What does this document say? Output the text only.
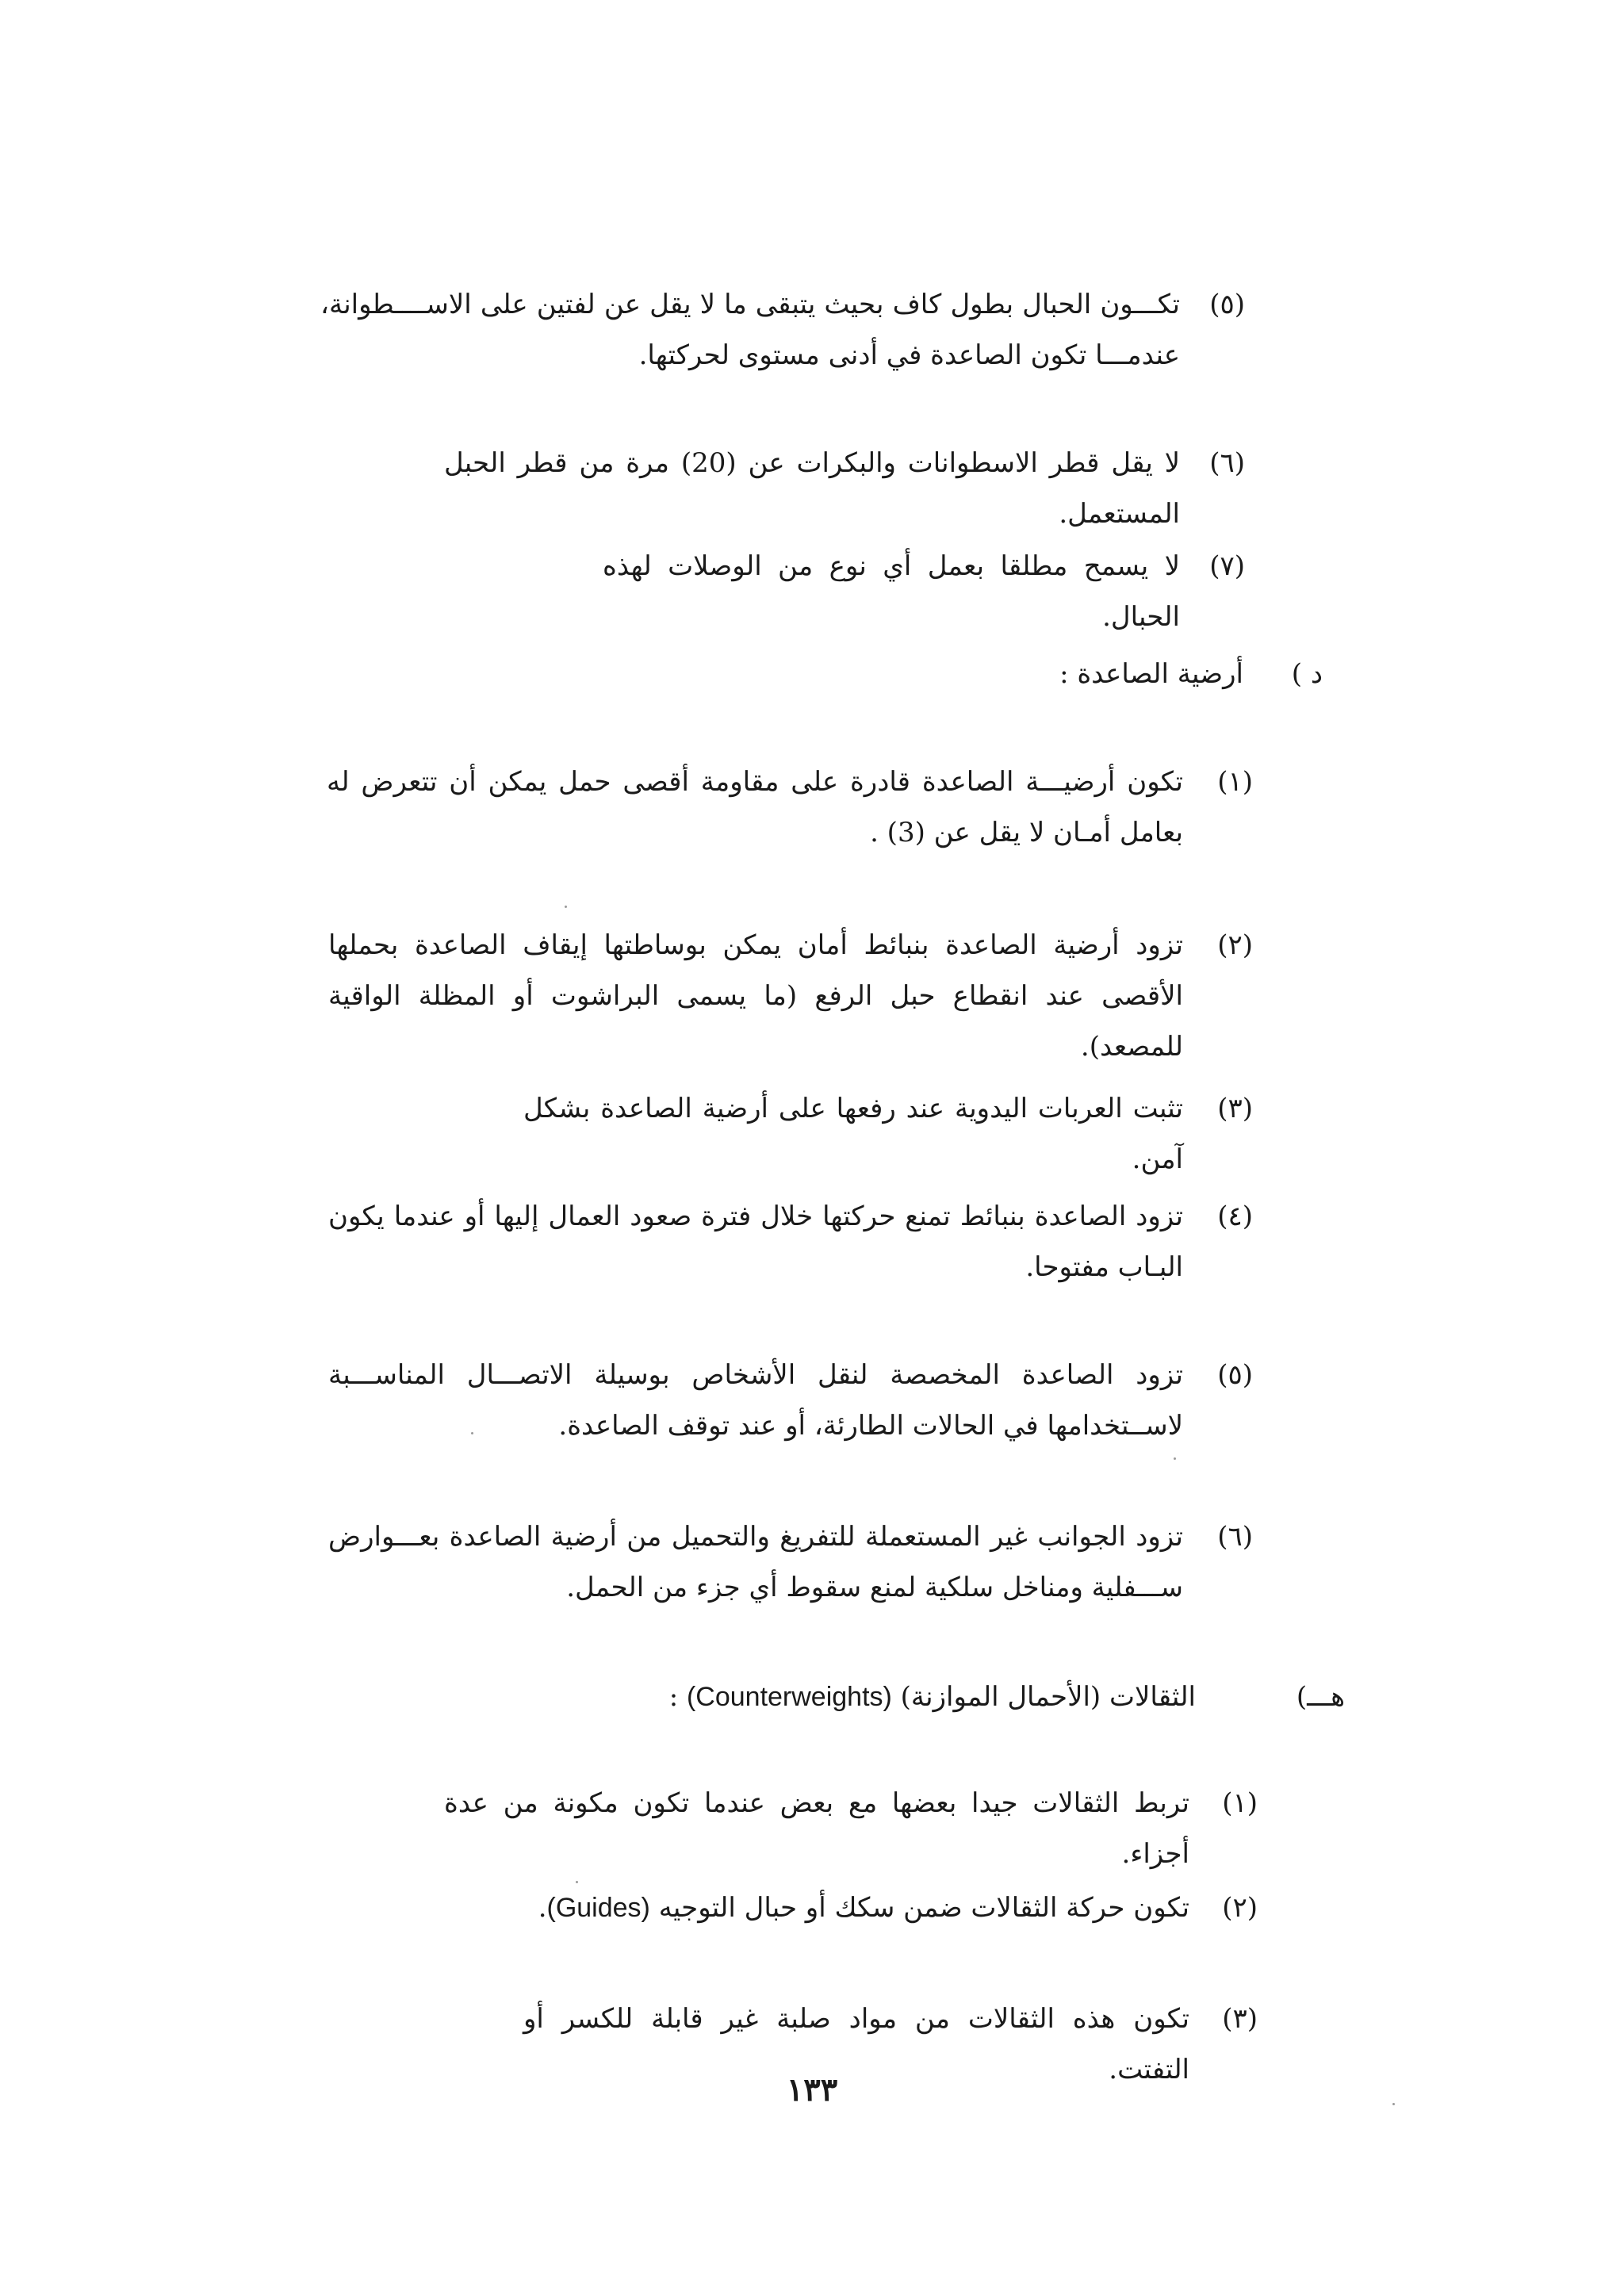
(٥)
تكـــون الحبال بطول كاف بحيث يتبقى ما لا يقل عن لفتين على الاســــطوانة، عندمـــا تكون الصاعدة في أدنى مستوى لحركتها.
(٦)
لا يقل قطر الاسطوانات والبكرات عن (20) مرة من قطر الحبل المستعمل.
(٧)
لا يسمح مطلقا بعمل أي نوع من الوصلات لهذه الحبال.
د )
أرضية الصاعدة :
(١)
تكون أرضيـــة الصاعدة قادرة على مقاومة أقصى حمل يمكن أن تتعرض له بعامل أمـان لا يقل عن (3) .
(٢)
تزود أرضية الصاعدة بنبائط أمان يمكن بوساطتها إيقاف الصاعدة بحملها الأقصى عند انقطاع حبل الرفع (ما يسمى البراشوت أو المظلة الواقية للمصعد).
(٣)
تثبت العربات اليدوية عند رفعها على أرضية الصاعدة بشكل آمن.
(٤)
تزود الصاعدة بنبائط تمنع حركتها خلال فترة صعود العمال إليها أو عندما يكون البـاب مفتوحا.
(٥)
تزود الصاعدة المخصصة لنقل الأشخاص بوسيلة الاتصـــال المناســـبة لاســتخدامها في الحالات الطارئة، أو عند توقف الصاعدة.
(٦)
تزود الجوانب غير المستعملة للتفريغ والتحميل من أرضية الصاعدة بعـــوارض ســـفلية ومناخل سلكية لمنع سقوط أي جزء من الحمل.
هـــ)
الثقالات (الأحمال الموازنة) (Counterweights) :
(١)
تربط الثقالات جيدا بعضها مع بعض عندما تكون مكونة من عدة أجزاء.
(٢)
تكون حركة الثقالات ضمن سكك أو حبال التوجيه (Guides).
(٣)
تكون هذه الثقالات من مواد صلبة غير قابلة للكسر أو التفتت.
١٣٣
